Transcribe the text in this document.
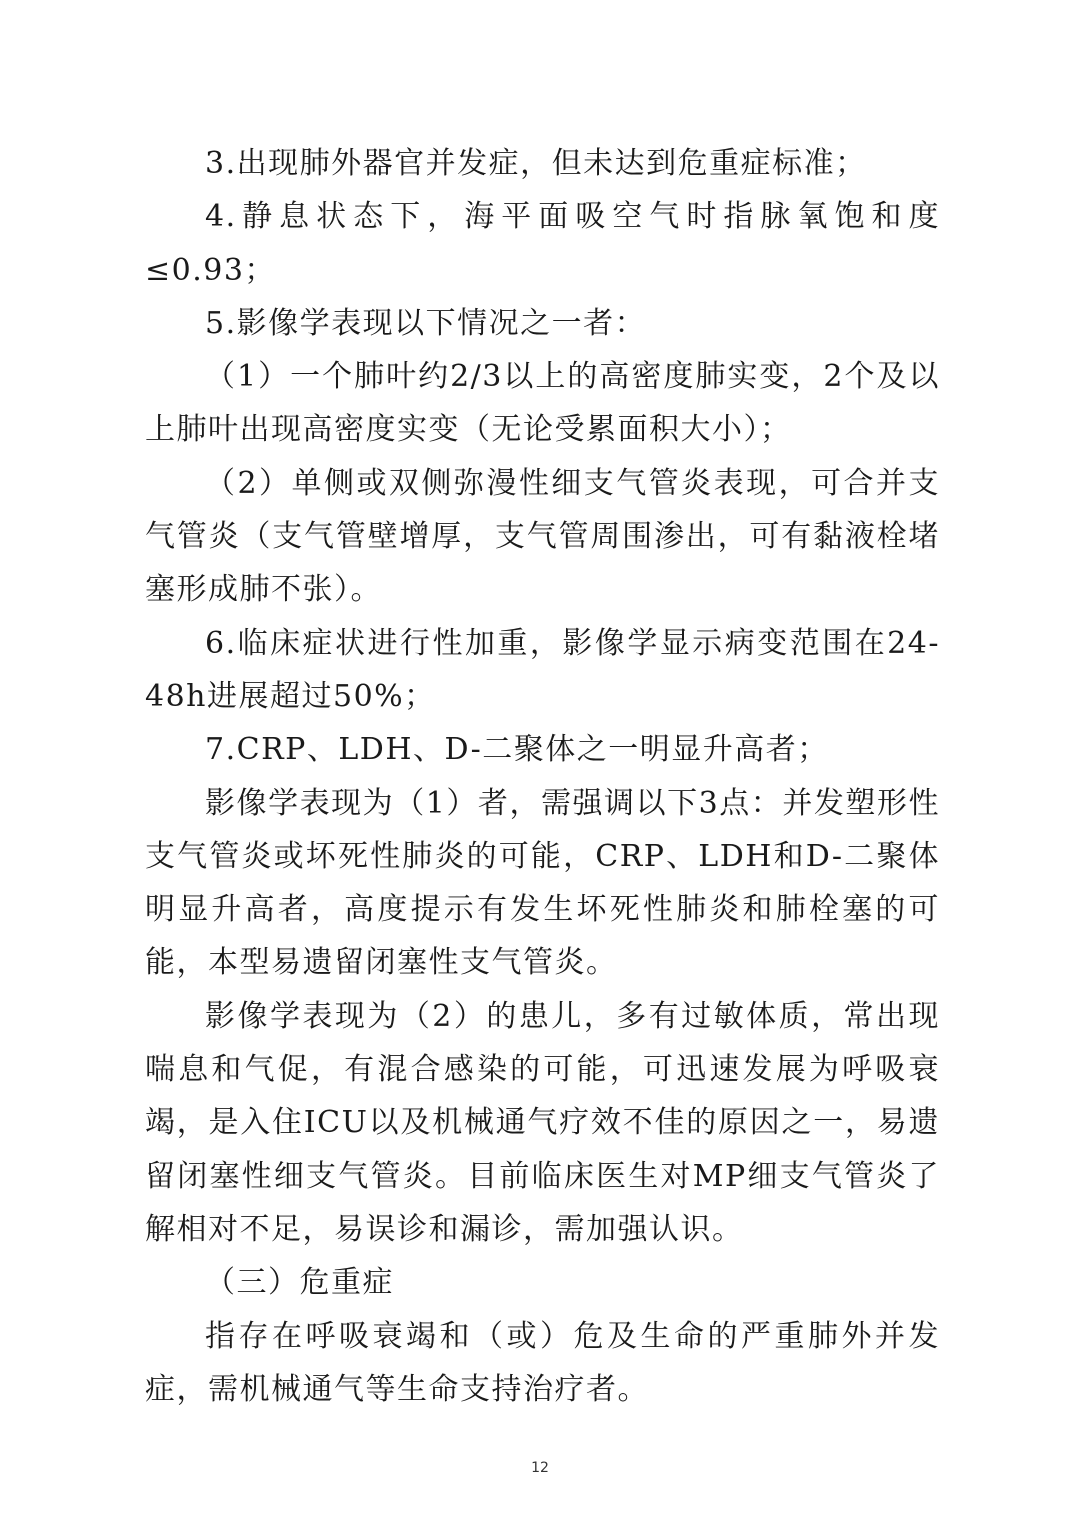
3.出现肺外器官并发症，但未达到危重症标准；

4.静息状态下，海平面吸空气时指脉氧饱和度≤0.93；

5.影像学表现以下情况之一者：

（1）一个肺叶约2/3以上的高密度肺实变，2个及以上肺叶出现高密度实变（无论受累面积大小）；

（2）单侧或双侧弥漫性细支气管炎表现，可合并支气管炎（支气管壁增厚，支气管周围渗出，可有黏液栓堵塞形成肺不张）。

6.临床症状进行性加重，影像学显示病变范围在24-48h进展超过50%；

7.CRP、LDH、D-二聚体之一明显升高者；

影像学表现为（1）者，需强调以下3点：并发塑形性支气管炎或坏死性肺炎的可能，CRP、LDH和D-二聚体明显升高者，高度提示有发生坏死性肺炎和肺栓塞的可能，本型易遗留闭塞性支气管炎。

影像学表现为（2）的患儿，多有过敏体质，常出现喘息和气促，有混合感染的可能，可迅速发展为呼吸衰竭，是入住ICU以及机械通气疗效不佳的原因之一，易遗留闭塞性细支气管炎。目前临床医生对MP细支气管炎了解相对不足，易误诊和漏诊，需加强认识。

（三）危重症

指存在呼吸衰竭和（或）危及生命的严重肺外并发症，需机械通气等生命支持治疗者。

12
